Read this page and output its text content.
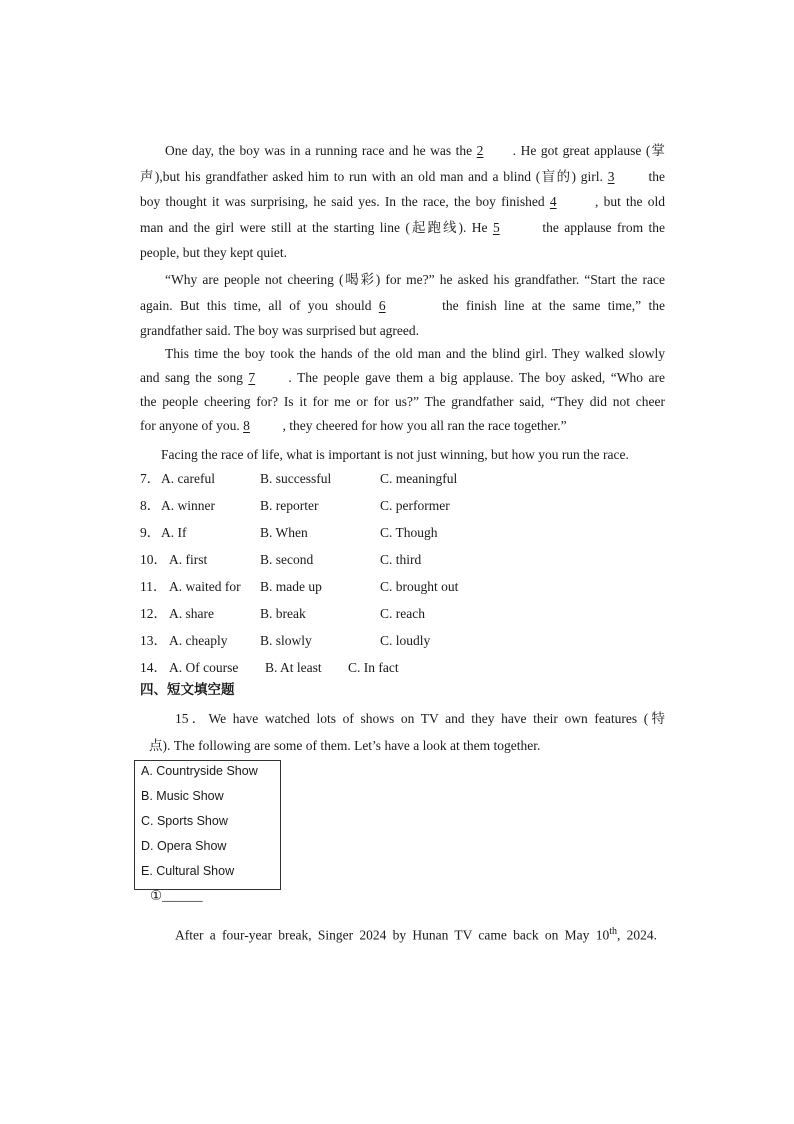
One day, the boy was in a running race and he was the 2 . He got great applause (掌
声),but his grandfather asked him to run with an old man and a blind (盲的) girl. 3 the
boy thought it was surprising, he said yes. In the race, the boy finished 4 , but the old
man and the girl were still at the starting line (起跑线). He 5	the applause from the
people, but they kept quiet.
“Why are people not cheering (喝彩) for me?” he asked his grandfather. “Start the race
again. But this time, all of you should 6	the finish line at the same time,” the
grandfather said. The boy was surprised but agreed.
This time the boy took the hands of the old man and the blind girl. They walked slowly
and sang the song 7 . The people gave them a big applause. The boy asked, “Who are
the people cheering for? Is it for me or for us?” The grandfather said, “They did not cheer
for anyone of you. 8 , they cheered for how you all ran the race together.”
Facing the race of life, what is important is not just winning, but how you run the race.
7． A. careful	B. successful	C. meaningful
8． A. winner	B. reporter	C. performer
9． A. If	B. When	C. Though
10． A. first	B. second	C. third
11． A. waited for B. made up	C. brought out
12． A. share	B. break	C. reach
13． A. cheaply B. slowly	C. loudly
14． A. Of course B. At least C. In fact
四、短文填空题
15．We have watched lots of shows on TV and they have their own features (特
点). The following are some of them. Let’s have a look at them together.
A. Countryside Show
B. Music Show
C. Sports Show
D. Opera Show
E. Cultural Show
①______
After a four-year break, Singer 2024 by Hunan TV came back on May 10th, 2024.
